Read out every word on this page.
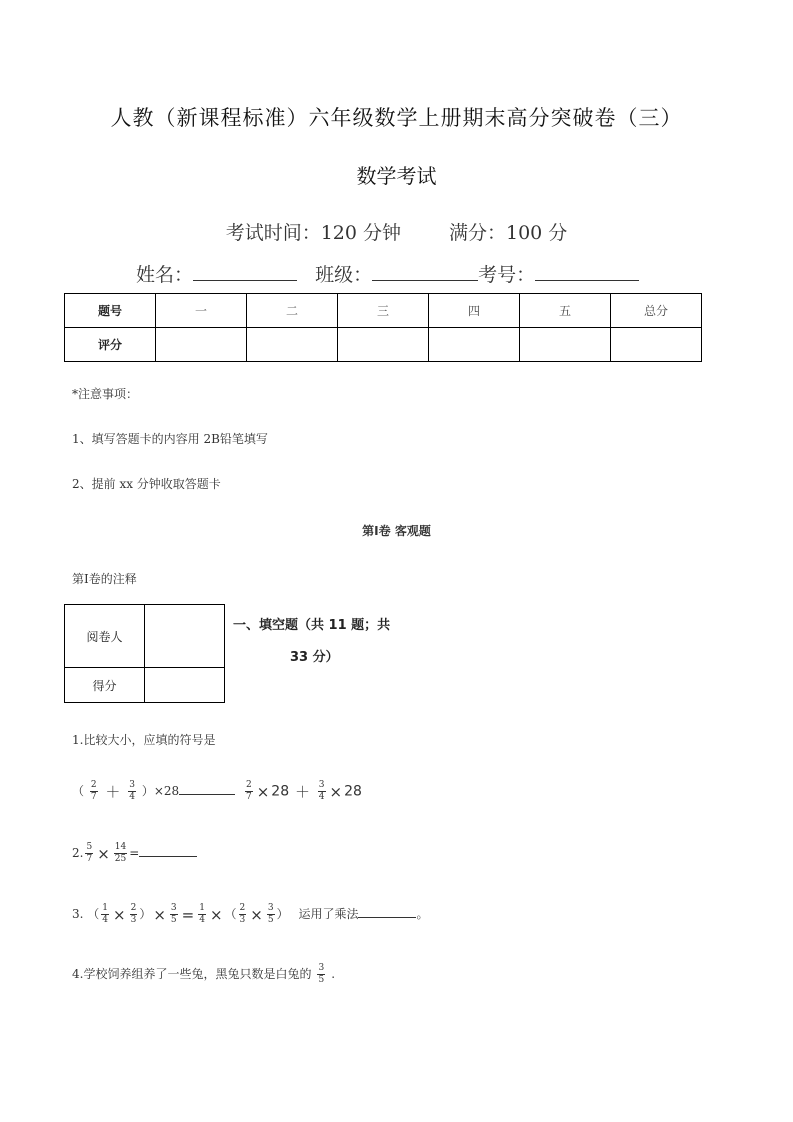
人教（新课程标准）六年级数学上册期末高分突破卷（三）
数学考试
考试时间：120 分钟	满分：100 分
姓名：	班级：	考号：
题号	一	二	三	四	五	总分
评分						
*注意事项：
1、填写答题卡的内容用 2B铅笔填写
2、提前 xx 分钟收取答题卡
第Ⅰ卷 客观题
第Ⅰ卷的注释
阅卷人	
得分	
一、填空题（共 11 题；共
33 分）
1.比较大小，应填的符号是
（ $\frac{2}{7} + \frac{3}{4} )\times 28$	$\frac{2}{7} \times 28 + \frac{3}{4} \times 28$
2. $\frac{5}{7} \times \frac{14}{25}$ =
3. （ $\frac{1}{4} \times \frac{2}{3}$ ） × $\frac{3}{5} = \frac{1}{4}$ × （ $\frac{2}{3} \times \frac{3}{5}$ ） 运用了乘法	。
4.学校饲养组养了一些兔，黑兔只数是白兔的 $\frac{3}{5}$ .
